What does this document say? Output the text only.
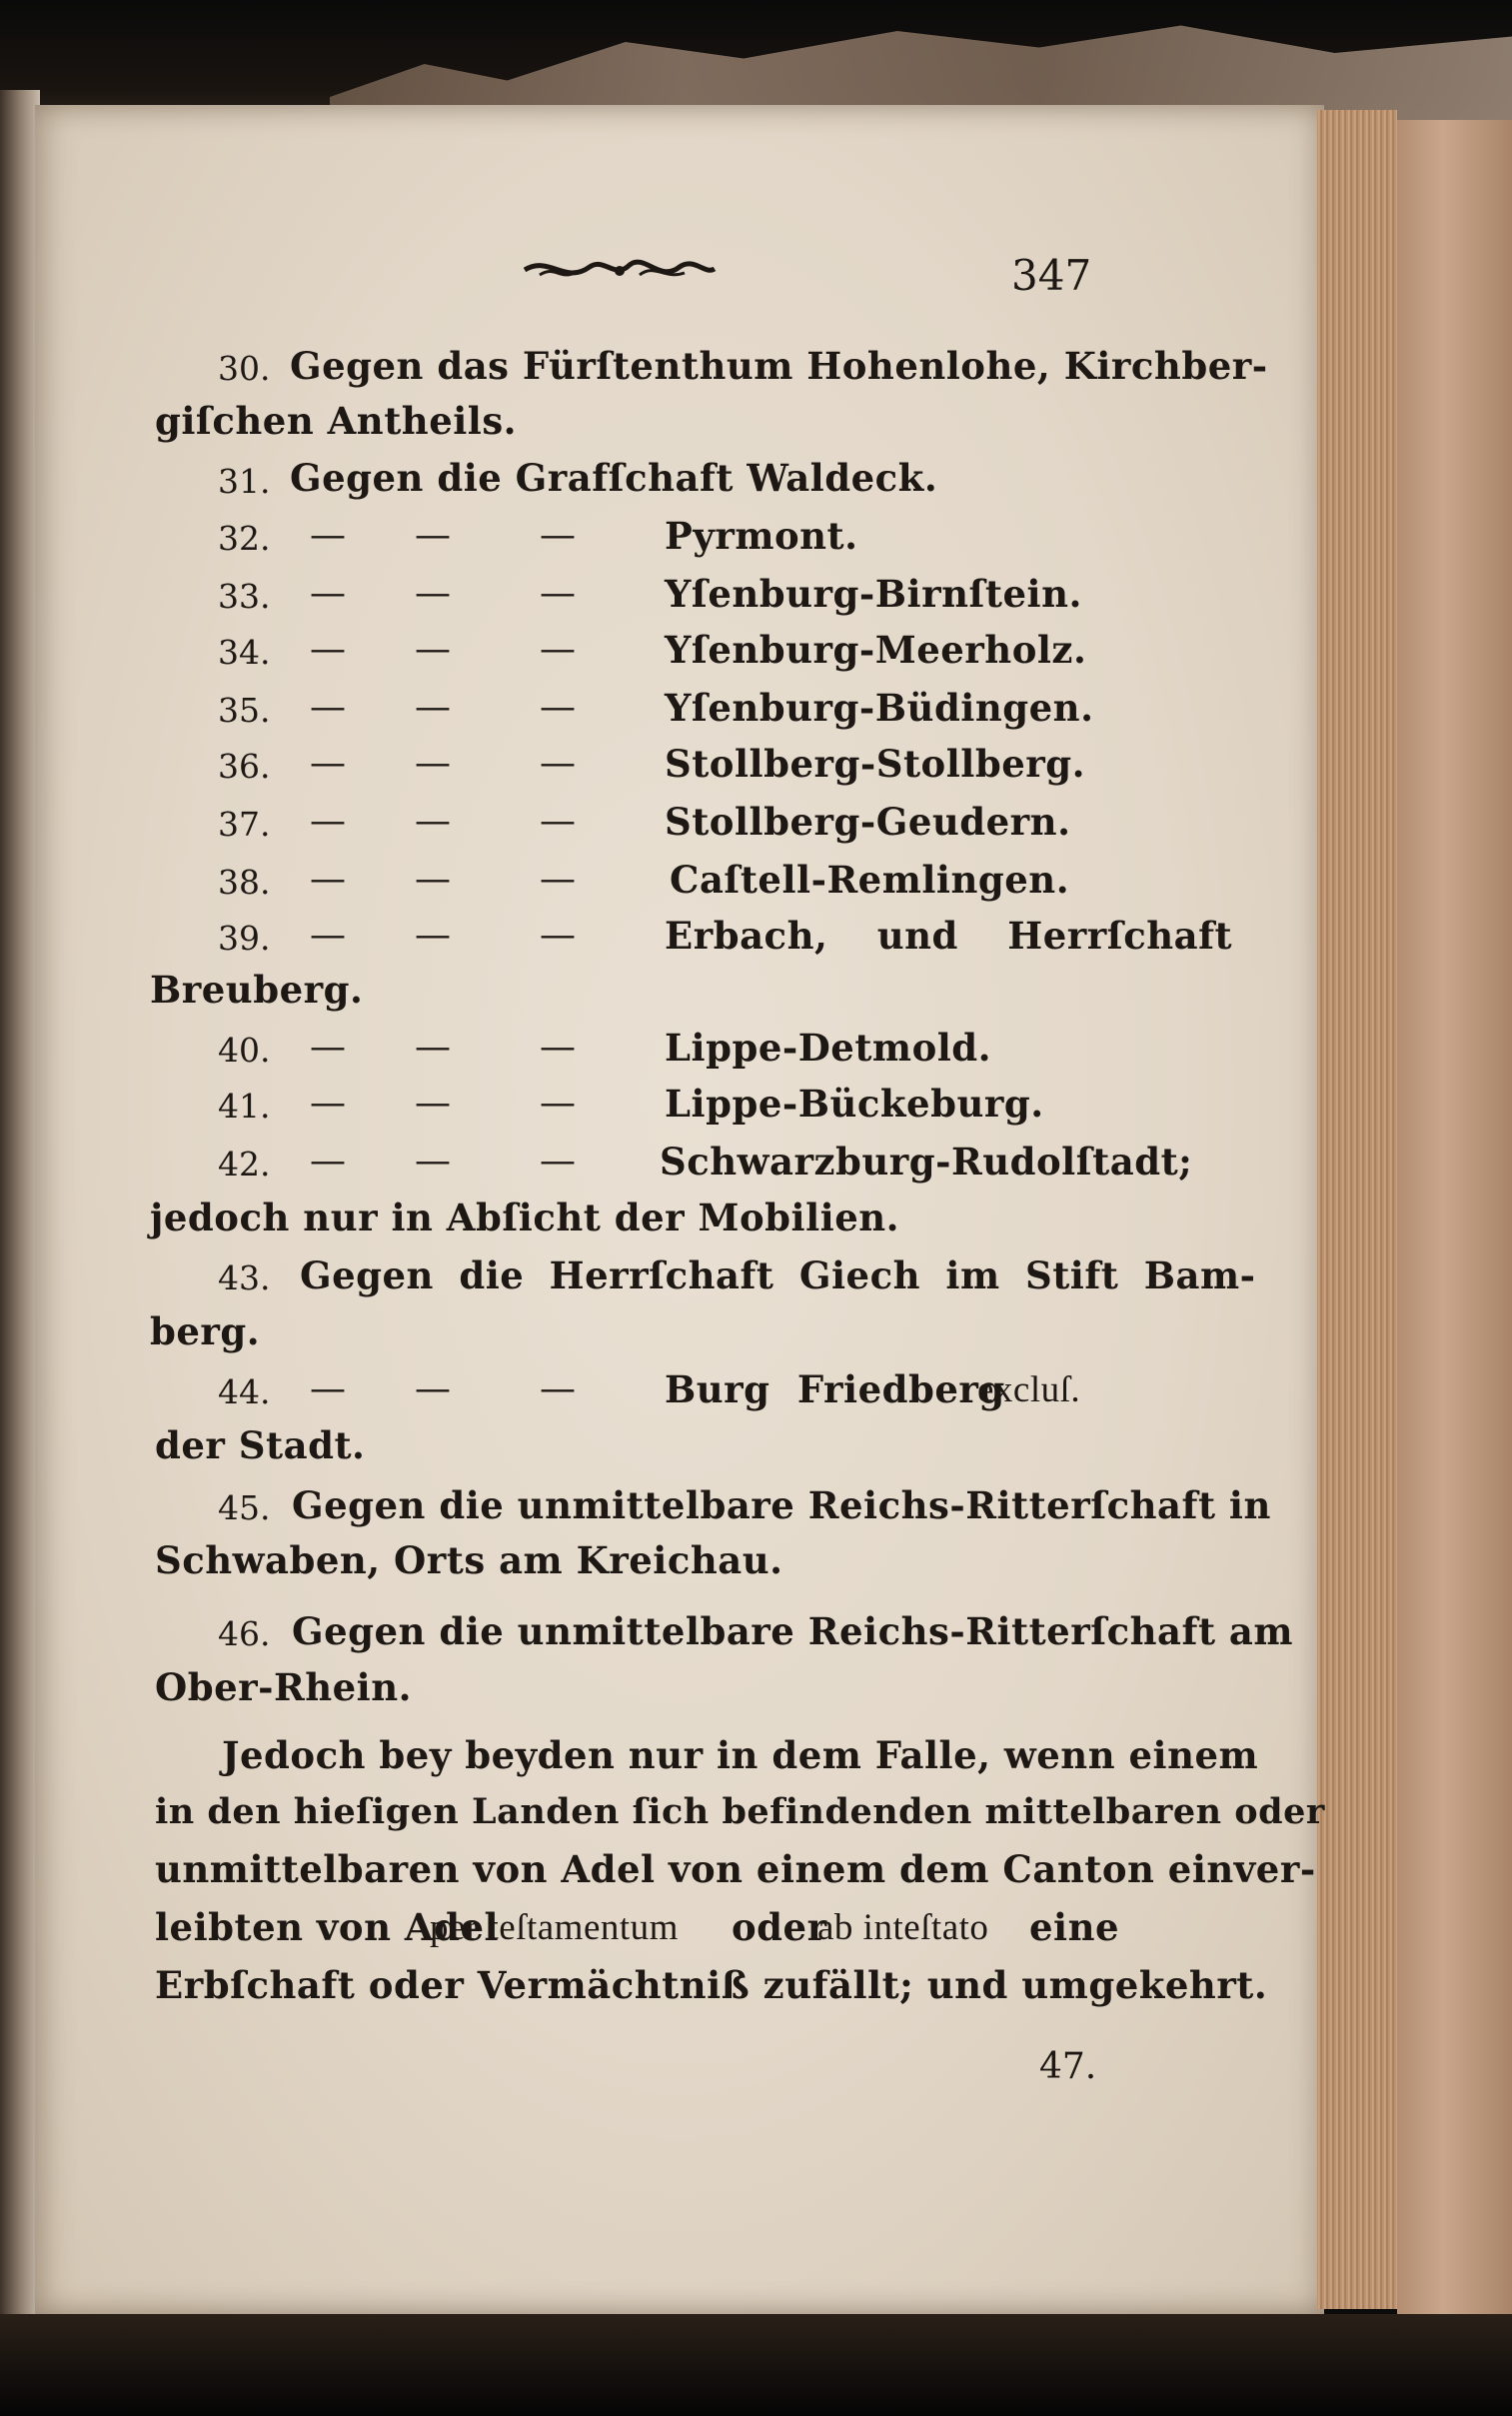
347
30. Gegen das Fürſtenthum Hohenlohe, Kirchber-
giſchen Antheils.
31. Gegen die Grafſchaft Waldeck.
32. — — — Pyrmont.
33. — — — Yſenburg-Birnſtein.
34. — — — Yſenburg-Meerholz.
35. — — — Yſenburg-Büdingen.
36. — — — Stollberg-Stollberg.
37. — — — Stollberg-Geudern.
38. — — —	Caſtell-Remlingen.
39. — — — Erbach, und Herrſchaft
Breuberg.
40. — — — Lippe-Detmold.
41. — — — Lippe-Bückeburg.
42. — — — Schwarzburg-Rudolſtadt;
jedoch nur in Abſicht der Mobilien.
43. Gegen die Herrſchaft Giech im Stift Bam-
berg.
44. — — — Burg Friedberg
excluſ.
der Stadt.
45. Gegen die unmittelbare Reichs-Ritterſchaft in
Schwaben, Orts am Kreichau.
46. Gegen die unmittelbare Reichs-Ritterſchaft am
Ober-Rhein.
Jedoch bey beyden nur in dem Falle, wenn einem
in den hieſigen Landen ſich befindenden mittelbaren oder
unmittelbaren von Adel von einem dem Canton einver-
leibten von Adel
per teſtamentum oder
ab inteſtato eine
Erbſchaft oder Vermächtniß zufällt; und umgekehrt.
47.
